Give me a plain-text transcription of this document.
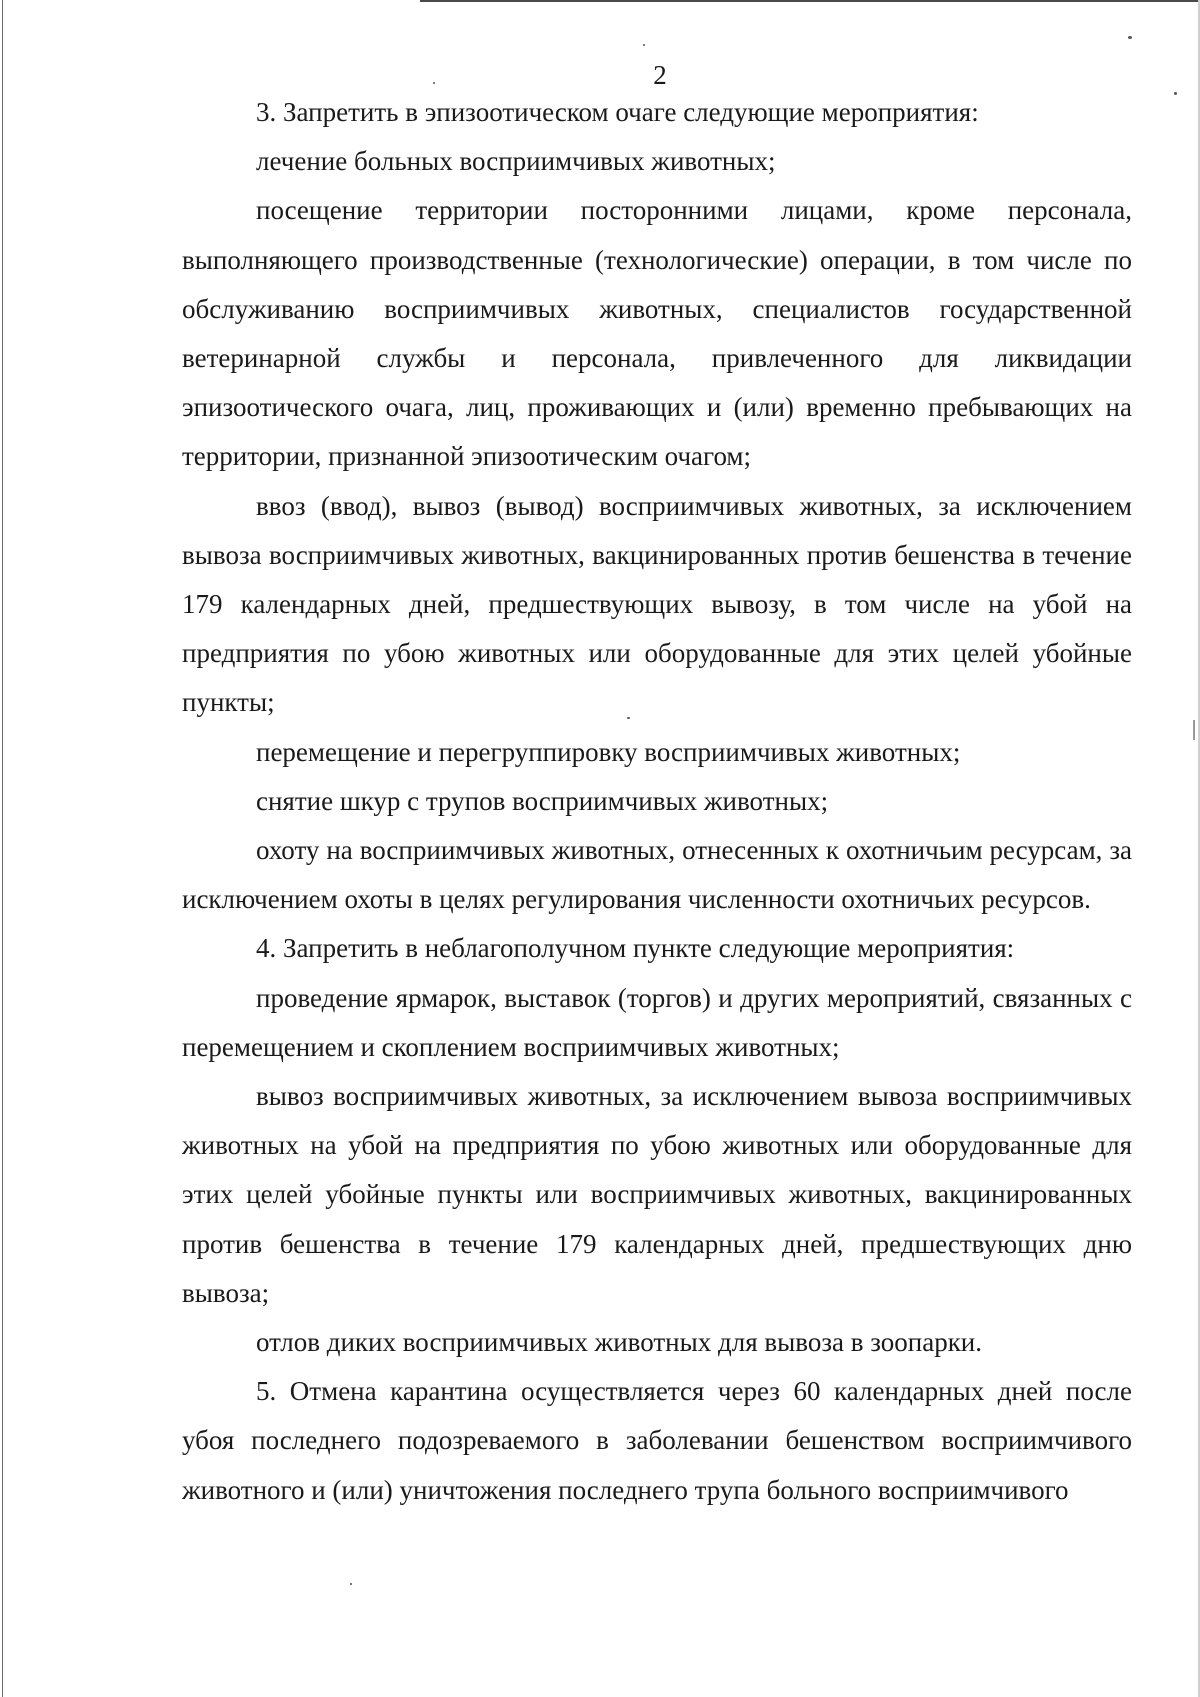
2

3. Запретить в эпизоотическом очаге следующие мероприятия:

лечение больных восприимчивых животных;

посещение территории посторонними лицами, кроме персонала, выполняющего производственные (технологические) операции, в том числе по обслуживанию восприимчивых животных, специалистов государственной ветеринарной службы и персонала, привлеченного для ликвидации эпизоотического очага, лиц, проживающих и (или) временно пребывающих на территории, признанной эпизоотическим очагом;

ввоз (ввод), вывоз (вывод) восприимчивых животных, за исключением вывоза восприимчивых животных, вакцинированных против бешенства в течение 179 календарных дней, предшествующих вывозу, в том числе на убой на предприятия по убою животных или оборудованные для этих целей убойные пункты;

перемещение и перегруппировку восприимчивых животных;

снятие шкур с трупов восприимчивых животных;

охоту на восприимчивых животных, отнесенных к охотничьим ресурсам, за исключением охоты в целях регулирования численности охотничьих ресурсов.

4. Запретить в неблагополучном пункте следующие мероприятия:

проведение ярмарок, выставок (торгов) и других мероприятий, связанных с перемещением и скоплением восприимчивых животных;

вывоз восприимчивых животных, за исключением вывоза восприимчивых животных на убой на предприятия по убою животных или оборудованные для этих целей убойные пункты или восприимчивых животных, вакцинированных против бешенства в течение 179 календарных дней, предшествующих дню вывоза;

отлов диких восприимчивых животных для вывоза в зоопарки.

5. Отмена карантина осуществляется через 60 календарных дней после убоя последнего подозреваемого в заболевании бешенством восприимчивого животного и (или) уничтожения последнего трупа больного восприимчивого
